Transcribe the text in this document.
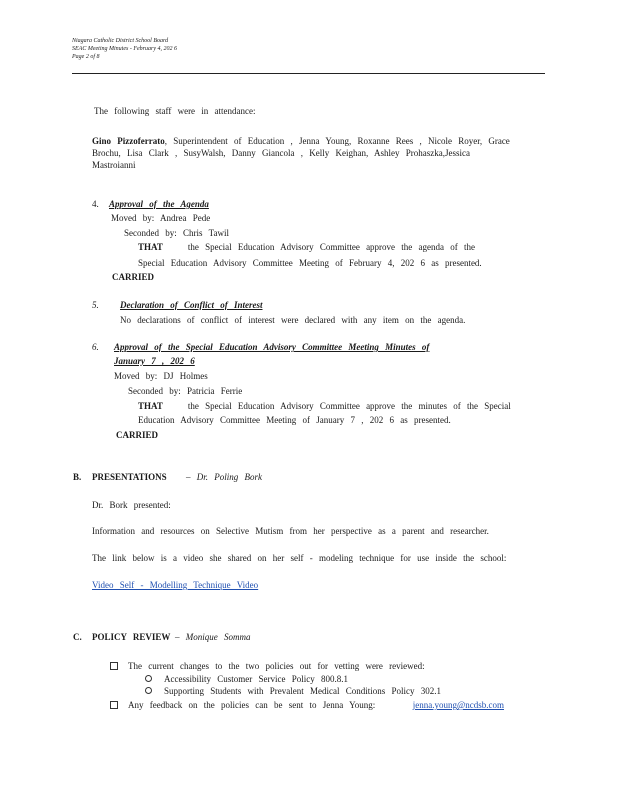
Niagara Catholic District School Board
SEAC Meeting Minutes - February 4, 202 6
Page 2 of 8
The following staff were in attendance:
Gino Pizzoferrato, Superintendent of Education , Jenna Young, Roxanne Rees , Nicole Royer, Grace
Brochu, Lisa Clark , SusyWalsh, Danny Giancola , Kelly Keighan, Ashley Prohaszka,Jessica
Mastroianni
4. Approval of the Agenda
Moved by: Andrea Pede
Seconded by: Chris Tawil
THAT	the Special Education Advisory Committee approve the agenda of the
Special Education Advisory Committee Meeting of February 4, 202 6 as presented.
CARRIED
5. Declaration of Conflict of Interest
No declarations of conflict of interest were declared with any item on the agenda.
6. Approval of the Special Education Advisory Committee Meeting Minutes of
January 7 , 202 6
Moved by: DJ Holmes
Seconded by: Patricia Ferrie
THAT	the Special Education Advisory Committee approve the minutes of the Special
Education Advisory Committee Meeting of January 7 , 202 6 as presented.
CARRIED
B. PRESENTATIONS – Dr. Poling Bork
Dr. Bork presented:
Information and resources on Selective Mutism from her perspective as a parent and researcher.
The link below is a video she shared on her self - modeling technique for use inside the school:
Video Self - Modelling Technique Video
C. POLICY REVIEW – Monique Somma
The current changes to the two policies out for vetting were reviewed:
Accessibility Customer Service Policy 800.8.1
Supporting Students with Prevalent Medical Conditions Policy 302.1
Any feedback on the policies can be sent to Jenna Young:	jenna.young@ncdsb.com
